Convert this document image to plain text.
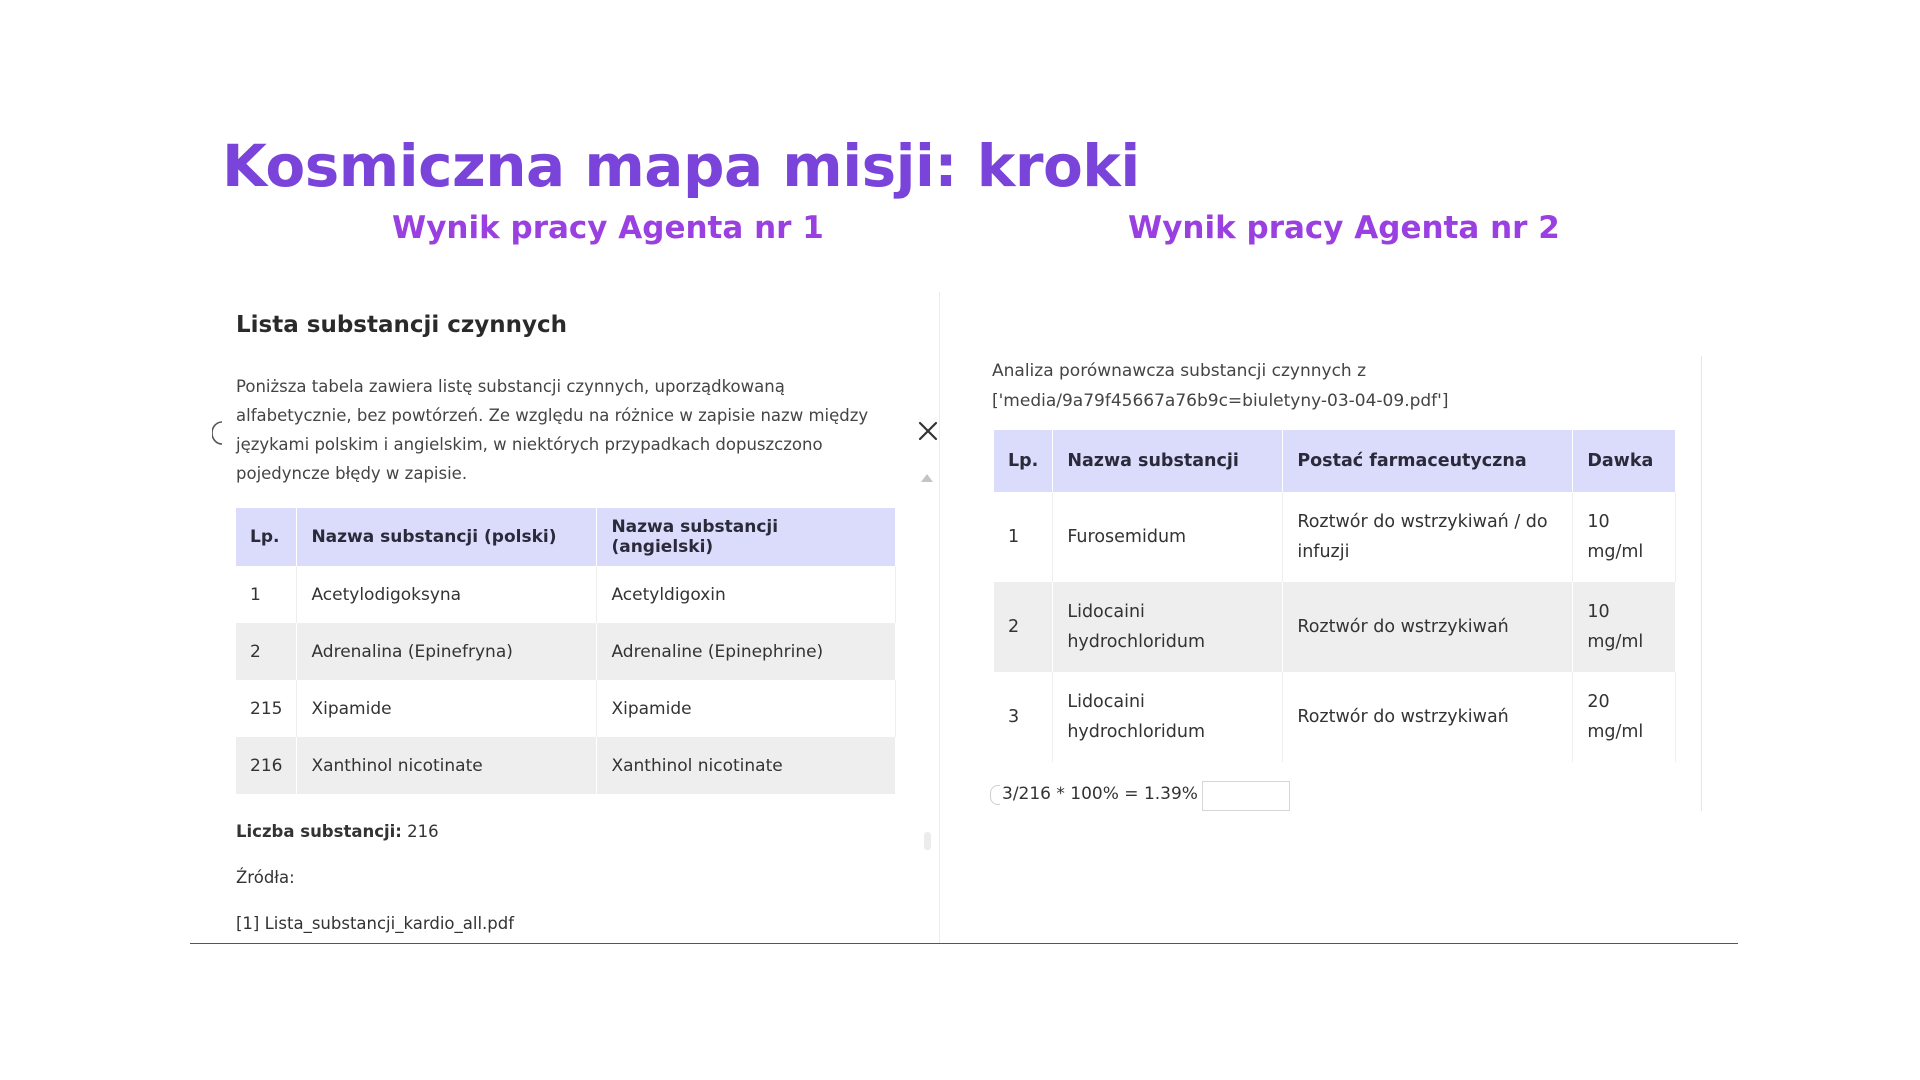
Kosmiczna mapa misji: kroki
Wynik pracy Agenta nr 1	Wynik pracy Agenta nr 2
Lista substancji czynnych
Poniższa tabela zawiera listę substancji czynnych, uporządkowaną alfabetycznie, bez powtórzeń. Ze względu na różnice w zapisie nazw między językami polskim i angielskim, w niektórych przypadkach dopuszczono pojedyncze błędy w zapisie.
Lp.	Nazwa substancji (polski)	Nazwa substancji (angielski)
1	Acetylodigoksyna	Acetyldigoxin
2	Adrenalina (Epinefryna)	Adrenaline (Epinephrine)
215	Xipamide	Xipamide
216	Xanthinol nicotinate	Xanthinol nicotinate
Liczba substancji: 216
Źródła:
[1] Lista_substancji_kardio_all.pdf
Analiza porównawcza substancji czynnych z
['media/9a79f45667a76b9c=biuletyny-03-04-09.pdf']
Lp.	Nazwa substancji	Postać farmaceutyczna	Dawka
1	Furosemidum	Roztwór do wstrzykiwań / do infuzji	10 mg/ml
2	Lidocaini hydrochloridum	Roztwór do wstrzykiwań	10 mg/ml
3	Lidocaini hydrochloridum	Roztwór do wstrzykiwań	20 mg/ml
3/216 * 100% = 1.39%
